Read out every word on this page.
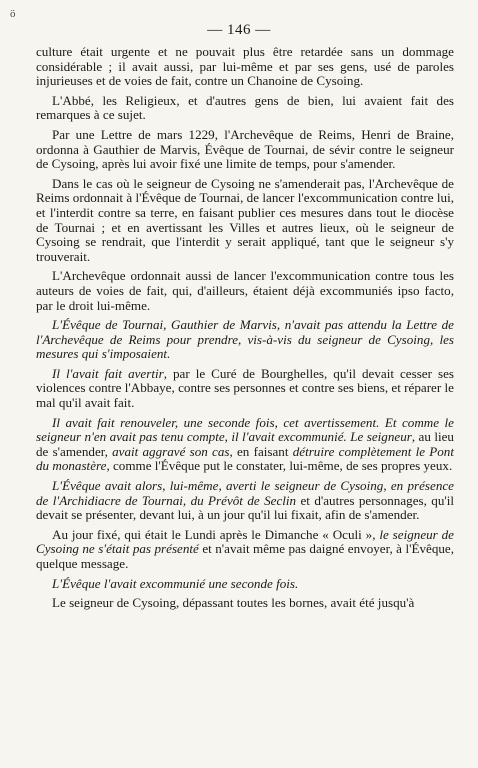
ö
— 146 —

culture était urgente et ne pouvait plus être retardée sans un dommage considérable ; il avait aussi, par lui-même et par ses gens, usé de paroles injurieuses et de voies de fait, contre un Chanoine de Cysoing.

L'Abbé, les Religieux, et d'autres gens de bien, lui avaient fait des remarques à ce sujet.

Par une Lettre de mars 1229, l'Archevêque de Reims, Henri de Braine, ordonna à Gauthier de Marvis, Évêque de Tournai, de sévir contre le seigneur de Cysoing, après lui avoir fixé une limite de temps, pour s'amender.

Dans le cas où le seigneur de Cysoing ne s'amenderait pas, l'Archevêque de Reims ordonnait à l'Évêque de Tournai, de lancer l'excommunication contre lui, et l'interdit contre sa terre, en faisant publier ces mesures dans tout le diocèse de Tournai ; et en avertissant les Villes et autres lieux, où le seigneur de Cysoing se rendrait, que l'interdit y serait appliqué, tant que le seigneur s'y trouverait.

L'Archevêque ordonnait aussi de lancer l'excommunication contre tous les auteurs de voies de fait, qui, d'ailleurs, étaient déjà excommuniés ipso facto, par le droit lui-même.

L'Évêque de Tournai, Gauthier de Marvis, n'avait pas attendu la Lettre de l'Archevêque de Reims pour prendre, vis-à-vis du seigneur de Cysoing, les mesures qui s'imposaient.

Il l'avait fait avertir, par le Curé de Bourghelles, qu'il devait cesser ses violences contre l'Abbaye, contre ses personnes et contre ses biens, et réparer le mal qu'il avait fait.

Il avait fait renouveler, une seconde fois, cet avertissement. Et comme le seigneur n'en avait pas tenu compte, il l'avait excommunié. Le seigneur, au lieu de s'amender, avait aggravé son cas, en faisant détruire complètement le Pont du monastère, comme l'Évêque put le constater, lui-même, de ses propres yeux.

L'Évêque avait alors, lui-même, averti le seigneur de Cysoing, en présence de l'Archidiacre de Tournai, du Prévôt de Seclin et d'autres personnages, qu'il devait se présenter, devant lui, à un jour qu'il lui fixait, afin de s'amender.

Au jour fixé, qui était le Lundi après le Dimanche « Oculi », le seigneur de Cysoing ne s'était pas présenté et n'avait même pas daigné envoyer, à l'Évêque, quelque message.

L'Évêque l'avait excommunié une seconde fois.

Le seigneur de Cysoing, dépassant toutes les bornes, avait été jusqu'à
